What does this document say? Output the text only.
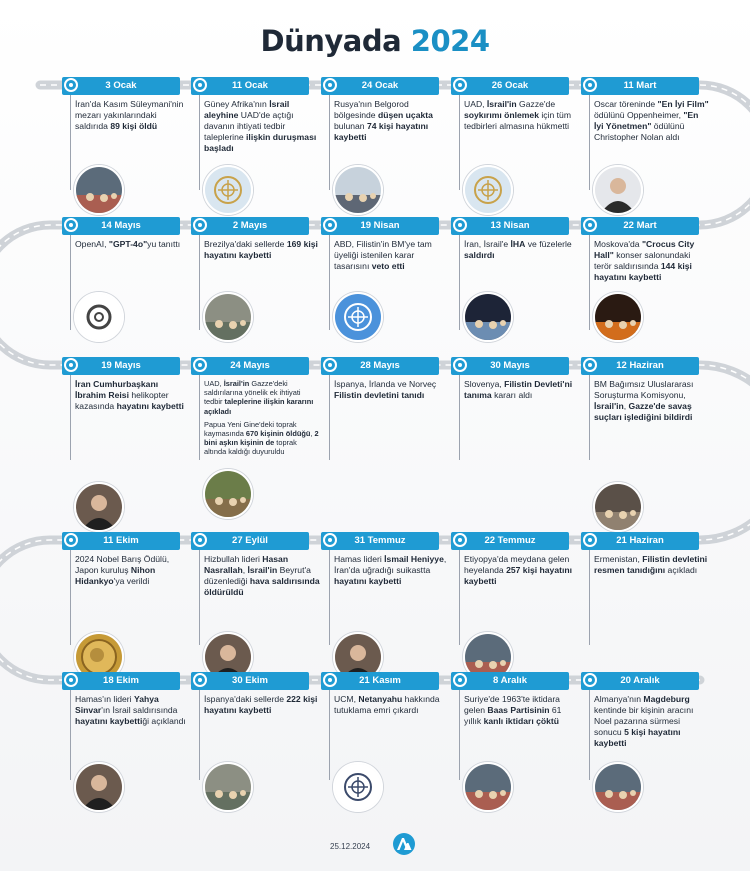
Dünyada 2024
3 Ocak
İran'da Kasım Süleymani'nin mezarı yakınlarındaki saldırıda 89 kişi öldü
11 Ocak
Güney Afrika'nın İsrail aleyhine UAD'de açtığı davanın ihtiyati tedbir taleplerine ilişkin duruşması başladı
24 Ocak
Rusya'nın Belgorod bölgesinde düşen uçakta bulunan 74 kişi hayatını kaybetti
26 Ocak
UAD, İsrail'in Gazze'de soykırımı önlemek için tüm tedbirleri almasına hükmetti
11 Mart
Oscar töreninde "En İyi Film" ödülünü Oppenheimer, "En İyi Yönetmen" ödülünü Christopher Nolan aldı
22 Mart
Moskova'da "Crocus City Hall" konser salonundaki terör saldırısında 144 kişi hayatını kaybetti
13 Nisan
İran, İsrail'e İHA ve füzelerle saldırdı
19 Nisan
ABD, Filistin'in BM'ye tam üyeliği istenilen karar tasarısını veto etti
2 Mayıs
Brezilya'daki sellerde 169 kişi hayatını kaybetti
14 Mayıs
OpenAI, "GPT-4o"yu tanıttı
19 Mayıs
İran Cumhurbaşkanı İbrahim Reisi helikopter kazasında hayatını kaybetti
24 Mayıs
UAD, İsrail'in Gazze'deki saldırılarına yönelik ek ihtiyati tedbir taleplerine ilişkin kararını açıkladı
Papua Yeni Gine'deki toprak kaymasında 670 kişinin öldüğü, 2 bini aşkın kişinin de toprak altında kaldığı duyuruldu
28 Mayıs
İspanya, İrlanda ve Norveç Filistin devletini tanıdı
30 Mayıs
Slovenya, Filistin Devleti'ni tanıma kararı aldı
12 Haziran
BM Bağımsız Uluslararası Soruşturma Komisyonu, İsrail'in, Gazze'de savaş suçları işlediğini bildirdi
21 Haziran
Ermenistan, Filistin devletini resmen tanıdığını açıkladı
22 Temmuz
Etiyopya'da meydana gelen heyelanda 257 kişi hayatını kaybetti
31 Temmuz
Hamas lideri İsmail Heniyye, İran'da uğradığı suikastta hayatını kaybetti
27 Eylül
Hizbullah lideri Hasan Nasrallah, İsrail'in Beyrut'a düzenlediği hava saldırısında öldürüldü
11 Ekim
2024 Nobel Barış Ödülü, Japon kuruluş Nihon Hidankyo'ya verildi
18 Ekim
Hamas'ın lideri Yahya Sinvar'ın İsrail saldırısında hayatını kaybettiği açıklandı
30 Ekim
İspanya'daki sellerde 222 kişi hayatını kaybetti
21 Kasım
UCM, Netanyahu hakkında tutuklama emri çıkardı
8 Aralık
Suriye'de 1963'te iktidara gelen Baas Partisinin 61 yıllık kanlı iktidarı çöktü
20 Aralık
Almanya'nın Magdeburg kentinde bir kişinin aracını Noel pazarına sürmesi sonucu 5 kişi hayatını kaybetti
25.12.2024
